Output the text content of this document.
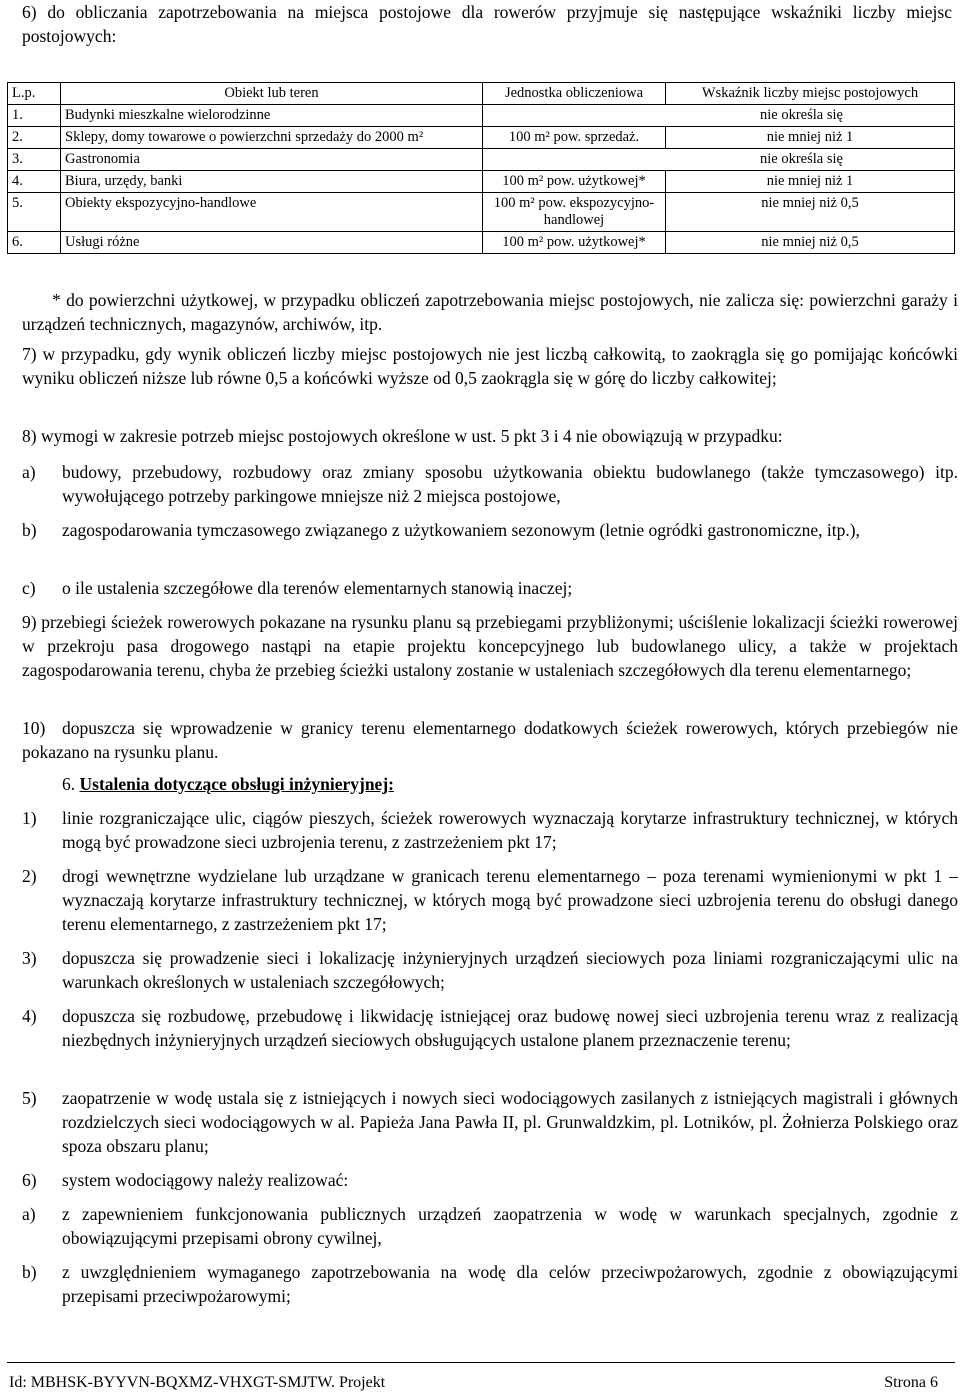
6) do obliczania zapotrzebowania na miejsca postojowe dla rowerów przyjmuje się następujące wskaźniki liczby miejsc postojowych:

L.p.	Obiekt lub teren	Jednostka obliczeniowa	Wskaźnik liczby miejsc postojowych
1.	Budynki mieszkalne wielorodzinne	nie określa się	
2.	Sklepy, domy towarowe o powierzchni sprzedaży do 2000 m²	100 m² pow. sprzedaż.	nie mniej niż 1
3.	Gastronomia	nie określa się	
4.	Biura, urzędy, banki	100 m² pow. użytkowej*	nie mniej niż 1
5.	Obiekty ekspozycyjno-handlowe	100 m² pow. ekspozycyjno-handlowej	nie mniej niż 0,5
6.	Usługi różne	100 m² pow. użytkowej*	nie mniej niż 0,5

* do powierzchni użytkowej, w przypadku obliczeń zapotrzebowania miejsc postojowych, nie zalicza się: powierzchni garaży i urządzeń technicznych, magazynów, archiwów, itp.

7) w przypadku, gdy wynik obliczeń liczby miejsc postojowych nie jest liczbą całkowitą, to zaokrągla się go pomijając końcówki wyniku obliczeń niższe lub równe 0,5 a końcówki wyższe od 0,5 zaokrągla się w górę do liczby całkowitej;

8) wymogi w zakresie potrzeb miejsc postojowych określone w ust. 5 pkt 3 i 4 nie obowiązują w przypadku:

a) budowy, przebudowy, rozbudowy oraz zmiany sposobu użytkowania obiektu budowlanego (także tymczasowego) itp. wywołującego potrzeby parkingowe mniejsze niż 2 miejsca postojowe,
b) zagospodarowania tymczasowego związanego z użytkowaniem sezonowym (letnie ogródki gastronomiczne, itp.),
c) o ile ustalenia szczegółowe dla terenów elementarnych stanowią inaczej;

9) przebiegi ścieżek rowerowych pokazane na rysunku planu są przebiegami przybliżonymi; uściślenie lokalizacji ścieżki rowerowej w przekroju pasa drogowego nastąpi na etapie projektu koncepcyjnego lub budowlanego ulicy, a także w projektach zagospodarowania terenu, chyba że przebieg ścieżki ustalony zostanie w ustaleniach szczegółowych dla terenu elementarnego;

10) dopuszcza się wprowadzenie w granicy terenu elementarnego dodatkowych ścieżek rowerowych, których przebiegów nie pokazano na rysunku planu.
6. Ustalenia dotyczące obsługi inżynieryjnej:
1) linie rozgraniczające ulic, ciągów pieszych, ścieżek rowerowych wyznaczają korytarze infrastruktury technicznej, w których mogą być prowadzone sieci uzbrojenia terenu, z zastrzeżeniem pkt 17;
2) drogi wewnętrzne wydzielane lub urządzane w granicach terenu elementarnego – poza terenami wymienionymi w pkt 1 – wyznaczają korytarze infrastruktury technicznej, w których mogą być prowadzone sieci uzbrojenia terenu do obsługi danego terenu elementarnego, z zastrzeżeniem pkt 17;
3) dopuszcza się prowadzenie sieci i lokalizację inżynieryjnych urządzeń sieciowych poza liniami rozgraniczającymi ulic na warunkach określonych w ustaleniach szczegółowych;
4) dopuszcza się rozbudowę, przebudowę i likwidację istniejącej oraz budowę nowej sieci uzbrojenia terenu wraz z realizacją niezbędnych inżynieryjnych urządzeń sieciowych obsługujących ustalone planem przeznaczenie terenu;
5) zaopatrzenie w wodę ustala się z istniejących i nowych sieci wodociągowych zasilanych z istniejących magistrali i głównych rozdzielczych sieci wodociągowych w al. Papieża Jana Pawła II, pl. Grunwaldzkim, pl. Lotników, pl. Żołnierza Polskiego oraz spoza obszaru planu;
6) system wodociągowy należy realizować:
a) z zapewnieniem funkcjonowania publicznych urządzeń zaopatrzenia w wodę w warunkach specjalnych, zgodnie z obowiązującymi przepisami obrony cywilnej,
b) z uwzględnieniem wymaganego zapotrzebowania na wodę dla celów przeciwpożarowych, zgodnie z obowiązującymi przepisami przeciwpożarowymi;
Id: MBHSK-BYYVN-BQXMZ-VHXGT-SMJTW. Projekt	Strona 6
